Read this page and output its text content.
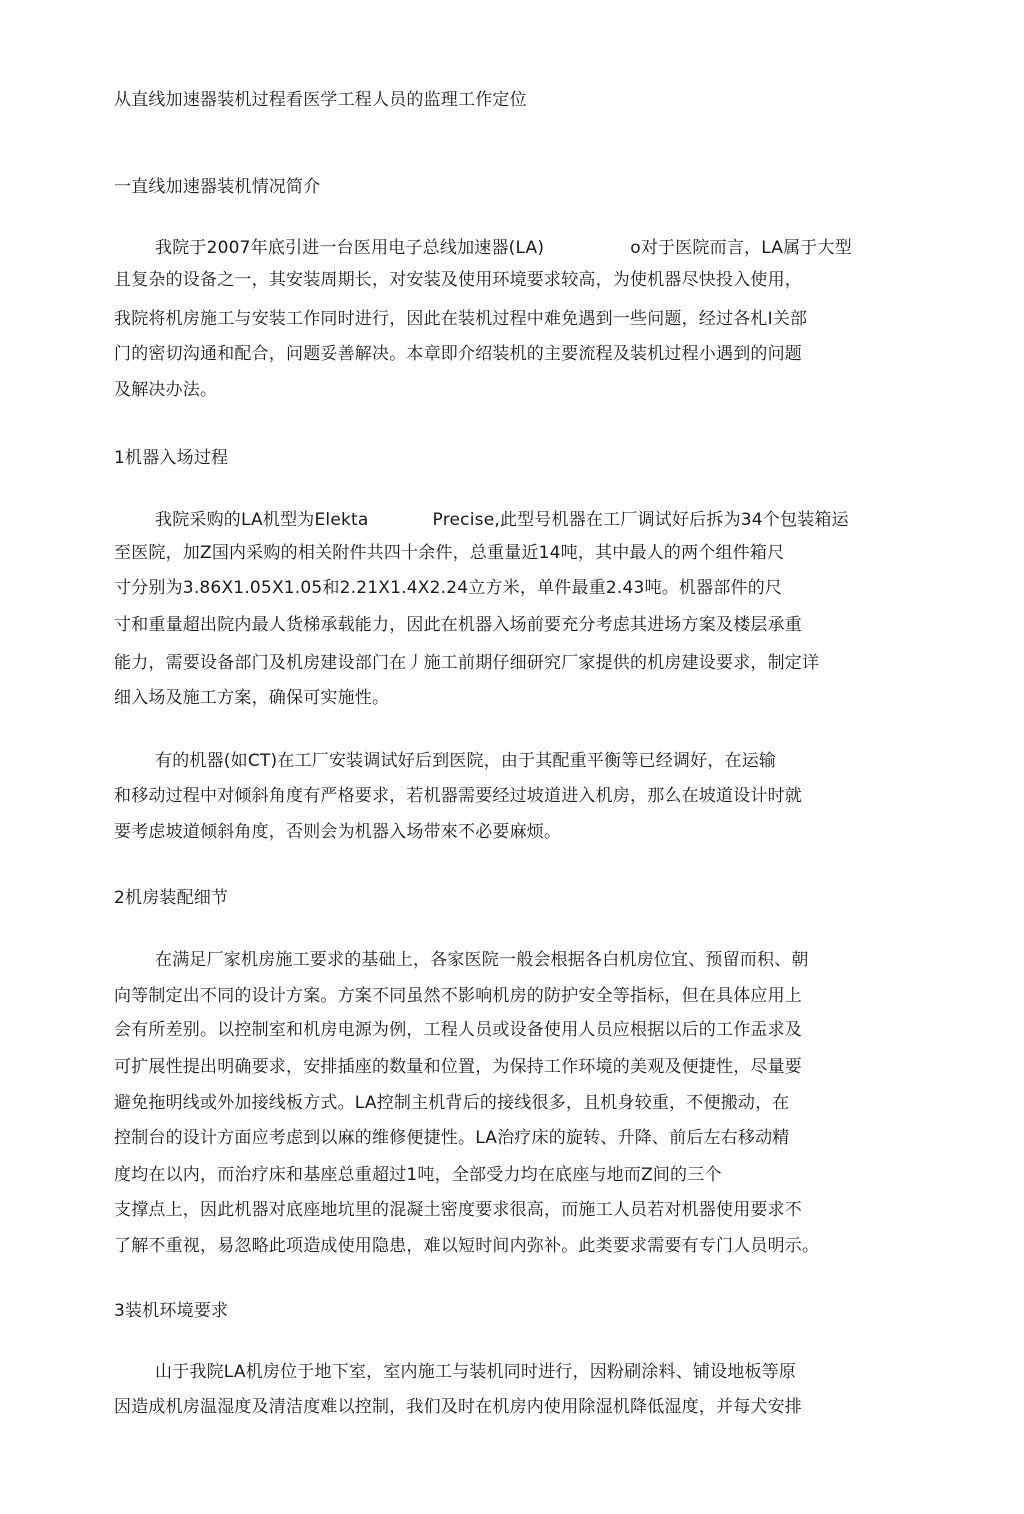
从直线加速器装机过程看医学工程人员的监理工作定位
一直线加速器装机情况简介
我院于2007年底引进一台医用电子总线加速器(LA)	o对于医院而言，LA属于大型
且复杂的设备之一，其安装周期长，对安装及使用环境要求较高，为使机器尽快投入使用，
我院将机房施工与安装工作同时进行，因此在装机过程中难免遇到一些问题，经过各札I关部
门的密切沟通和配合，问题妥善解决。本章即介绍装机的主要流程及装机过程小遇到的问题
及解决办法。
1机器入场过程
我院采购的LA机型为Elekta	Precise,此型号机器在工厂调试好后拆为34个包装箱运
至医院，加Z国内采购的相关附件共四十余件，总重量近14吨，其中最人的两个组件箱尺
寸分别为3.86X1.05X1.05和2.21X1.4X2.24立方米，单件最重2.43吨。机器部件的尺
寸和重量超出院内最人货梯承载能力，因此在机器入场前要充分考虑其进场方案及楼层承重
能力，需要设备部门及机房建设部门在丿施工前期仔细研究厂家提供的机房建设要求，制定详
细入场及施工方案，确保可实施性。
有的机器(如CT)在工厂安装调试好后到医院，由于其配重平衡等已经调好，在运输
和移动过程中对倾斜角度有严格要求，若机器需要经过坡道进入机房，那么在坡道设计时就
要考虑坡道倾斜角度，否则会为机器入场带來不必要麻烦。
2机房装配细节
在满足厂家机房施工要求的基础上，各家医院一般会根据各白机房位宜、预留而积、朝
向等制定出不同的设计方案。方案不同虽然不影响机房的防护安全等指标，但在具体应用上
会有所差别。以控制室和机房电源为例，工程人员或设备使用人员应根据以后的工作盂求及
可扩展性提出明确要求，安排插座的数量和位置，为保持工作环境的美观及便捷性，尽量要
避免拖明线或外加接线板方式。LA控制主机背后的接线很多，且机身较重，不便搬动，在
控制台的设计方面应考虑到以麻的维修便捷性。LA治疗床的旋转、升降、前后左右移动精
度均在以内，而治疗床和基座总重超过1吨，全部受力均在底座与地而Z间的三个
支撑点上，因此机器对底座地坑里的混凝土密度要求很高，而施工人员若对机器使用要求不
了解不重视，易忽略此项造成使用隐患，难以短时间内弥补。此类要求需要有专门人员明示。
3装机环境要求
山于我院LA机房位于地下室，室内施工与装机同时进行，因粉刷涂料、铺设地板等原
因造成机房温湿度及清洁度难以控制，我们及时在机房内使用除湿机降低湿度，并每犬安排
